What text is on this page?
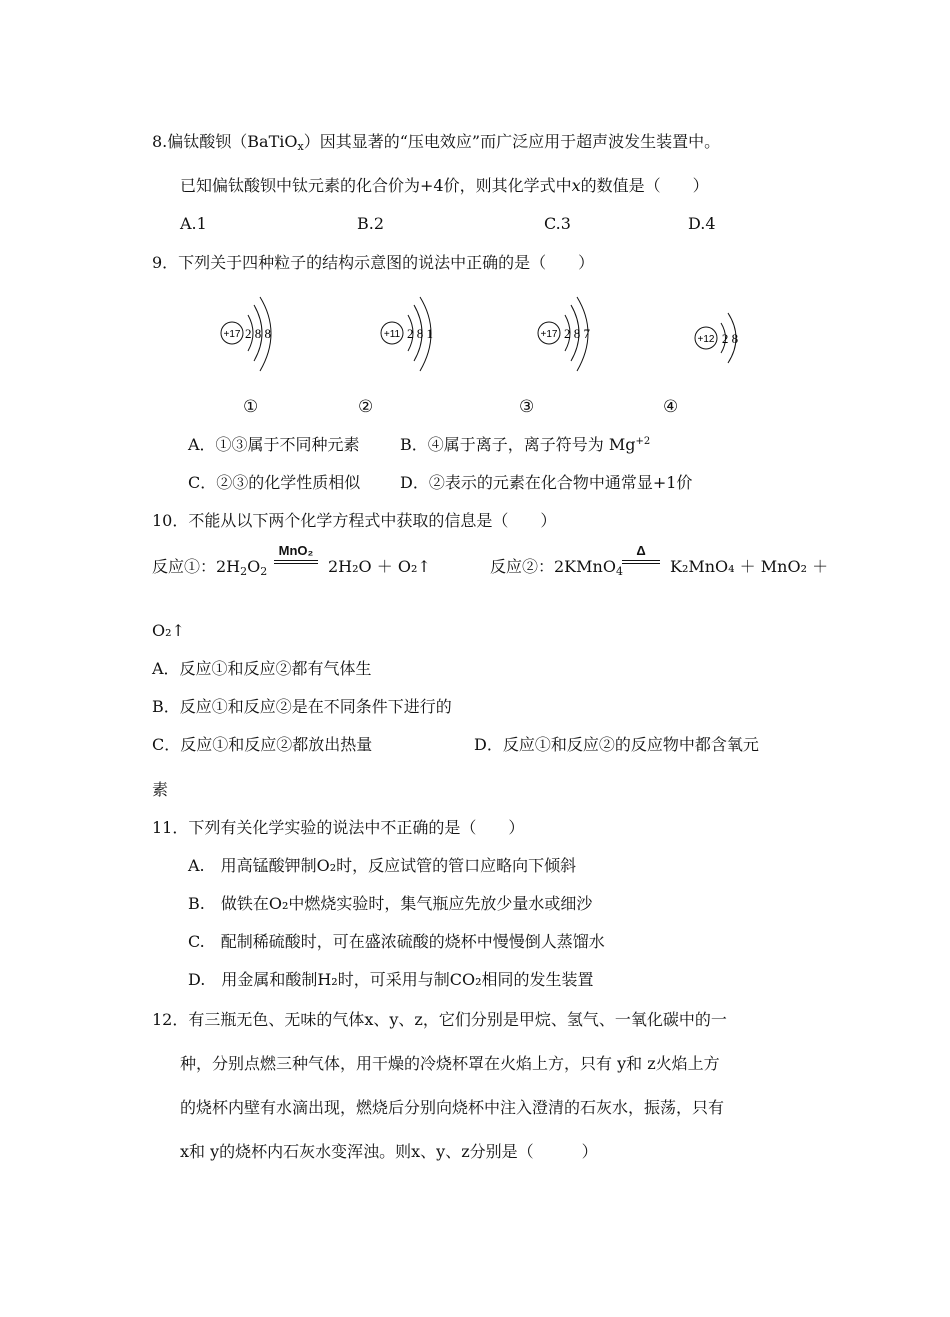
8.偏钛酸钡（BaTiO$_x$）因其显著的“压电效应”而广泛应用于超声波发生装置中。
已知偏钛酸钡中钛元素的化合价为+4价，则其化学式中x的数值是（　　）
A.1	B.2	C.3	D.4
9．下列关于四种粒子的结构示意图的说法中正确的是（　　）
+17 2 8 8	+11 2 8 1	+17 2 8 7	+12 2 8
①	②	③	④
A．①③属于不同种元素	B．④属于离子，离子符号为 $Mg^{+2}$
C．②③的化学性质相似 D．②表示的元素在化合物中通常显+1价
10．不能从以下两个化学方程式中获取的信息是（　　）
反应①：$2H_2O_2$
MnO₂
2H₂O ＋ O₂↑	反应②：2KMnO$_4$
Δ
K₂MnO₄ ＋ MnO₂ ＋
O₂↑
A．反应①和反应②都有气体生
B．反应①和反应②是在不同条件下进行的
C．反应①和反应②都放出热量	D．反应①和反应②的反应物中都含氧元
素
11．下列有关化学实验的说法中不正确的是（　　）
A.　用高锰酸钾制O₂时，反应试管的管口应略向下倾斜
B.　做铁在O₂中燃烧实验时，集气瓶应先放少量水或细沙
C.　配制稀硫酸时，可在盛浓硫酸的烧杯中慢慢倒人蒸馏水
D.　用金属和酸制H₂时，可采用与制CO₂相同的发生装置
12．有三瓶无色、无味的气体x、y、z，它们分别是甲烷、氢气、一氧化碳中的一
种，分别点燃三种气体，用干燥的冷烧杯罩在火焰上方，只有 y和 z火焰上方
的烧杯内壁有水滴出现，燃烧后分别向烧杯中注入澄清的石灰水，振荡，只有
x和 y的烧杯内石灰水变浑浊。则x、y、z分别是（　　　）
